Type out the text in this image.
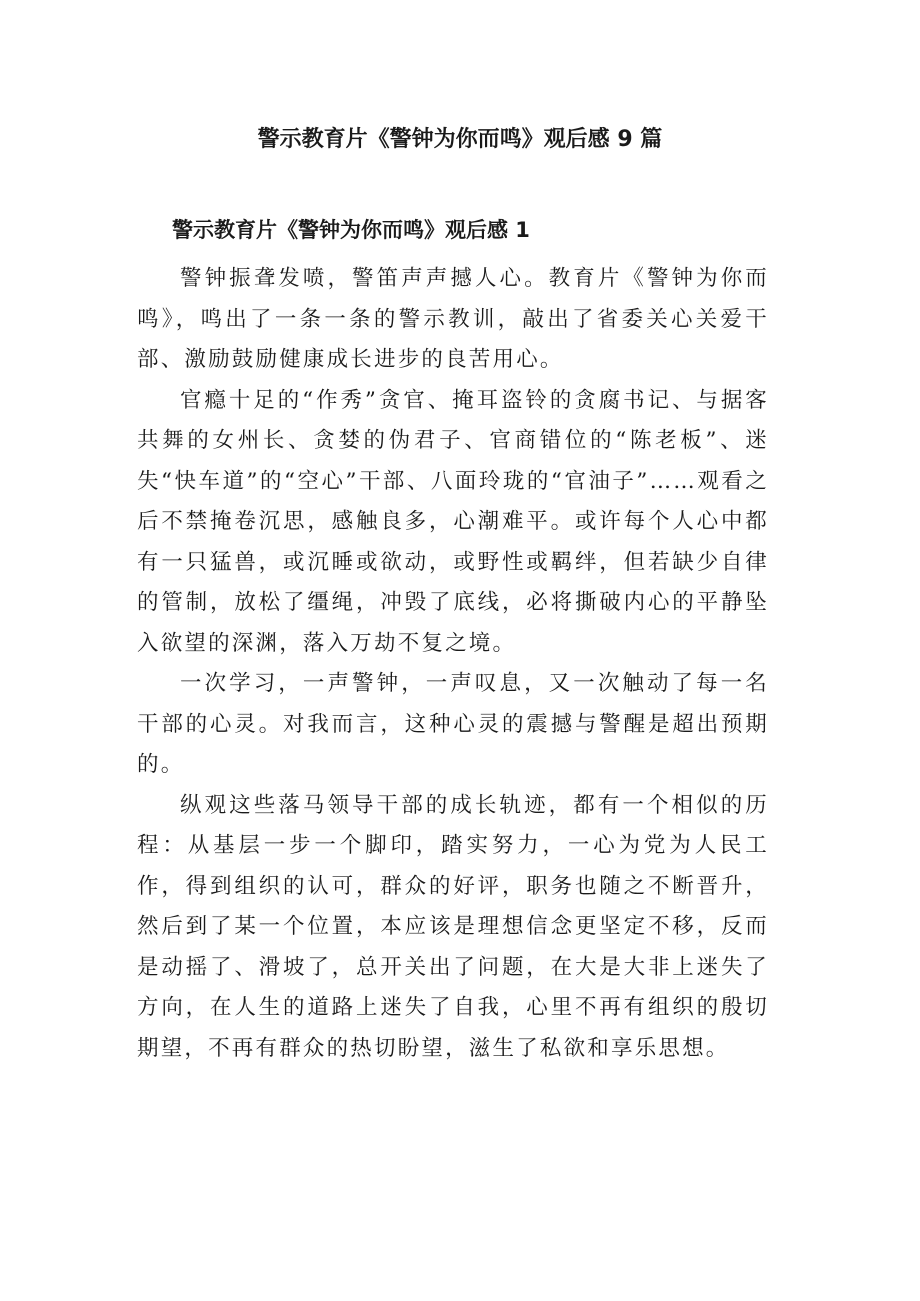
警示教育片《警钟为你而鸣》观后感 9 篇
警示教育片《警钟为你而鸣》观后感 1

警钟振聋发喷，警笛声声撼人心。教育片《警钟为你而鸣》，鸣出了一条一条的警示教训，敲出了省委关心关爱干部、激励鼓励健康成长进步的良苦用心。

官瘾十足的“作秀”贪官、掩耳盗铃的贪腐书记、与据客共舞的女州长、贪婪的伪君子、官商错位的“陈老板”、迷失“快车道”的“空心”干部、八面玲珑的“官油子”……观看之后不禁掩卷沉思，感触良多，心潮难平。或许每个人心中都有一只猛兽，或沉睡或欲动，或野性或羁绊，但若缺少自律的管制，放松了缰绳，冲毁了底线，必将撕破内心的平静坠入欲望的深渊，落入万劫不复之境。

一次学习，一声警钟，一声叹息，又一次触动了每一名干部的心灵。对我而言，这种心灵的震撼与警醒是超出预期的。

纵观这些落马领导干部的成长轨迹，都有一个相似的历程：从基层一步一个脚印，踏实努力，一心为党为人民工作，得到组织的认可，群众的好评，职务也随之不断晋升，然后到了某一个位置，本应该是理想信念更坚定不移，反而是动摇了、滑坡了，总开关出了问题，在大是大非上迷失了方向，在人生的道路上迷失了自我，心里不再有组织的殷切期望，不再有群众的热切盼望，滋生了私欲和享乐思想。
